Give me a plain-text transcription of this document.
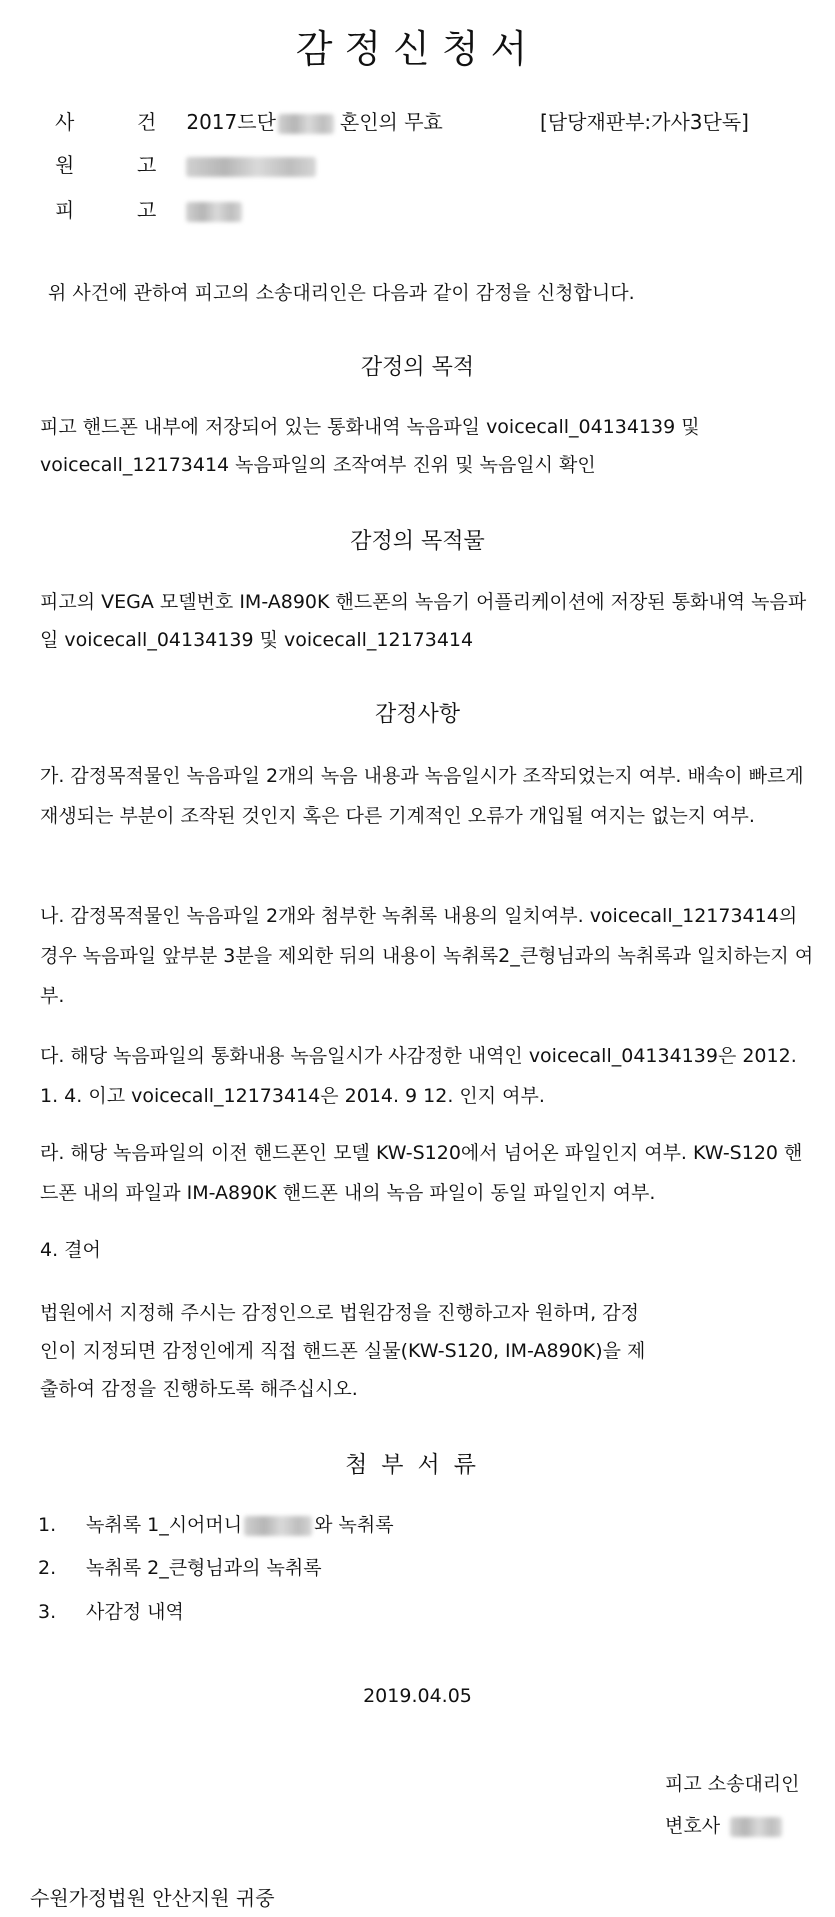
감정신청서
사	건 2017드단	혼인의 무효	[담당재판부:가사3단독]
원	고
피	고

위 사건에 관하여 피고의 소송대리인은 다음과 같이 감정을 신청합니다.

감정의 목적

피고 핸드폰 내부에 저장되어 있는 통화내역 녹음파일 voicecall_04134139 및 voicecall_12173414 녹음파일의 조작여부 진위 및 녹음일시 확인

감정의 목적물

피고의 VEGA 모델번호 IM-A890K 핸드폰의 녹음기 어플리케이션에 저장된 통화내역 녹음파일 voicecall_04134139 및 voicecall_12173414

감정사항

가. 감정목적물인 녹음파일 2개의 녹음 내용과 녹음일시가 조작되었는지 여부. 배속이 빠르게 재생되는 부분이 조작된 것인지 혹은 다른 기계적인 오류가 개입될 여지는 없는지 여부.

나. 감정목적물인 녹음파일 2개와 첨부한 녹취록 내용의 일치여부. voicecall_12173414의 경우 녹음파일 앞부분 3분을 제외한 뒤의 내용이 녹취록2_큰형님과의 녹취록과 일치하는지 여부.

다. 해당 녹음파일의 통화내용 녹음일시가 사감정한 내역인 voicecall_04134139은 2012. 1. 4. 이고 voicecall_12173414은 2014. 9 12. 인지 여부.

라. 해당 녹음파일의 이전 핸드폰인 모델 KW-S120에서 넘어온 파일인지 여부. KW-S120 핸드폰 내의 파일과 IM-A890K 핸드폰 내의 녹음 파일이 동일 파일인지 여부.

4. 결어

법원에서 지정해 주시는 감정인으로 법원감정을 진행하고자 원하며, 감정

인이 지정되면 감정인에게 직접 핸드폰 실물(KW-S120, IM-A890K)을 제

출하여 감정을 진행하도록 해주십시오.

첨부서류
1. 녹취록 1_시어머니	와 녹취록
2. 녹취록 2_큰형님과의 녹취록
3. 사감정 내역
2019.04.05
피고 소송대리인
변호사
수원가정법원 안산지원 귀중
